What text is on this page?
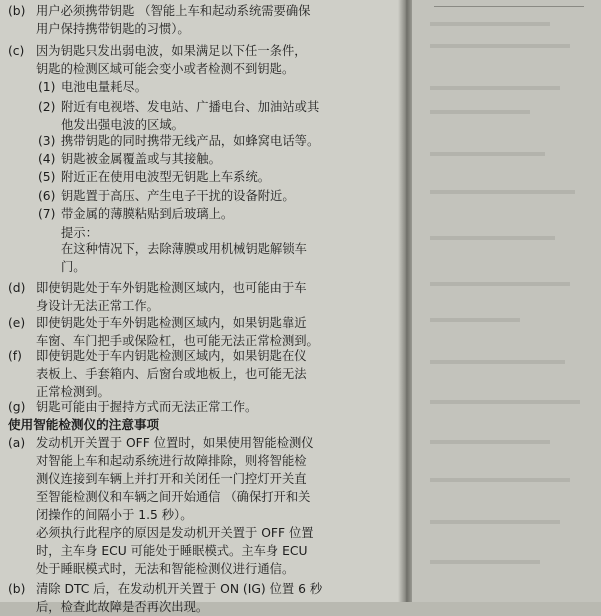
(b) 用户必须携带钥匙 （智能上车和起动系统需要确保
用户保持携带钥匙的习惯）。
(c) 因为钥匙只发出弱电波，如果满足以下任一条件，
钥匙的检测区域可能会变小或者检测不到钥匙。
(1) 电池电量耗尽。
(2) 附近有电视塔、发电站、广播电台、加油站或其
他发出强电波的区域。
(3) 携带钥匙的同时携带无线产品，如蜂窝电话等。
(4) 钥匙被金属覆盖或与其接触。
(5) 附近正在使用电波型无钥匙上车系统。
(6) 钥匙置于高压、产生电子干扰的设备附近。
(7) 带金属的薄膜粘贴到后玻璃上。
提示：
在这种情况下，去除薄膜或用机械钥匙解锁车
门。
(d) 即使钥匙处于车外钥匙检测区域内，也可能由于车
身设计无法正常工作。
(e) 即使钥匙处于车外钥匙检测区域内，如果钥匙靠近
车窗、车门把手或保险杠，也可能无法正常检测到。
(f) 即使钥匙处于车内钥匙检测区域内，如果钥匙在仪
表板上、手套箱内、后窗台或地板上，也可能无法
正常检测到。
(g) 钥匙可能由于握持方式而无法正常工作。
使用智能检测仪的注意事项
(a) 发动机开关置于 OFF 位置时，如果使用智能检测仪
对智能上车和起动系统进行故障排除，则将智能检
测仪连接到车辆上并打开和关闭任一门控灯开关直
至智能检测仪和车辆之间开始通信 （确保打开和关
闭操作的间隔小于 1.5 秒）。
必须执行此程序的原因是发动机开关置于 OFF 位置
时，主车身 ECU 可能处于睡眠模式。主车身 ECU
处于睡眠模式时，无法和智能检测仪进行通信。
(b) 清除 DTC 后，在发动机开关置于 ON (IG) 位置 6 秒
后，检查此故障是否再次出现。
